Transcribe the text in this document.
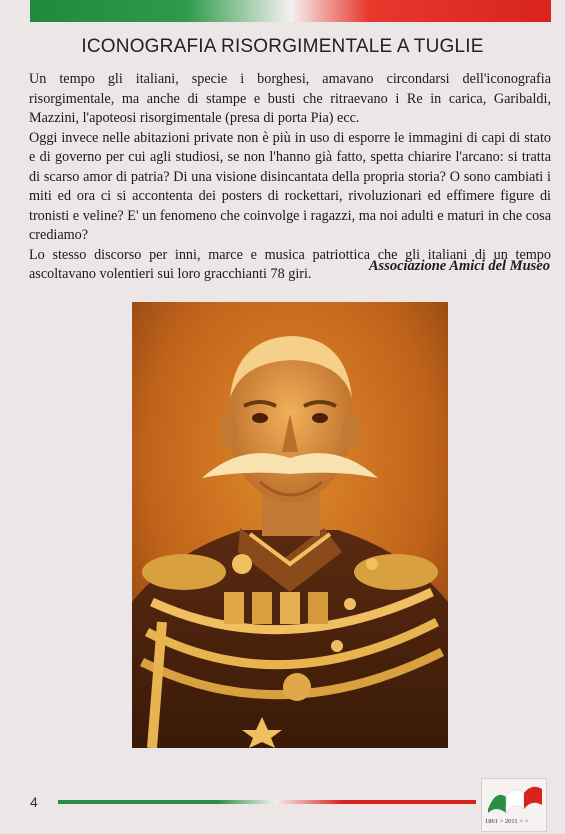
ICONOGRAFIA RISORGIMENTALE A TUGLIE

Un tempo gli italiani, specie i borghesi, amavano circondarsi dell'iconografia risorgimentale, ma anche di stampe e busti che ritraevano i Re in carica, Garibaldi, Mazzini, l'apoteosi risorgimentale (presa di porta Pia) ecc.

Oggi invece nelle abitazioni private non è più in uso di esporre le immagini di capi di stato e di governo per cui agli studiosi, se non l'hanno già fatto, spetta chiarire l'arcano: si tratta di scarso amor di patria? Di una visione disincantata della propria storia? O sono cambiati i miti ed ora ci si accontenta dei posters di rockettari, rivoluzionari ed effimere figure di tronisti e veline? E' un fenomeno che coinvolge i ragazzi, ma noi adulti e maturi in che cosa crediamo?

Lo stesso discorso per inni, marce e musica patriottica che gli italiani di un tempo ascoltavano volentieri sui loro gracchianti 78 giri.	Associazione Amici del Museo
4
1861 > 2011 > >
